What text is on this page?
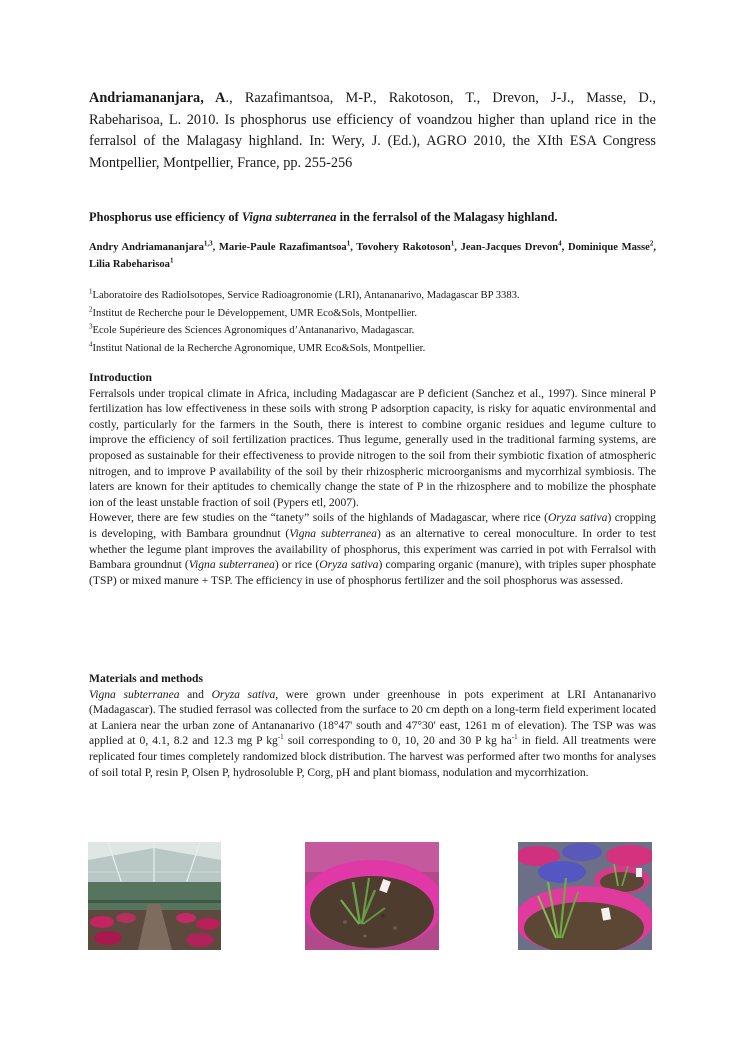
Andriamananjara, A., Razafimantsoa, M-P., Rakotoson, T., Drevon, J-J., Masse, D., Rabeharisoa, L. 2010. Is phosphorus use efficiency of voandzou higher than upland rice in the ferralsol of the Malagasy highland. In: Wery, J. (Ed.), AGRO 2010, the XIth ESA Congress Montpellier, Montpellier, France, pp. 255-256
Phosphorus use efficiency of Vigna subterranea in the ferralsol of the Malagasy highland.
Andry Andriamananjara$^{1,3}$, Marie-Paule Razafimantsoa$^1$, Tovohery Rakotoson$^1$, Jean-Jacques Drevon$^4$, Dominique Masse$^2$, Lilia Rabeharisoa$^1$
$^1$Laboratoire des RadioIsotopes, Service Radioagronomie (LRI), Antananarivo, Madagascar BP 3383.
$^2$Institut de Recherche pour le Développement, UMR Eco&Sols, Montpellier.
$^3$Ecole Supérieure des Sciences Agronomiques d’Antananarivo, Madagascar.
$^4$Institut National de la Recherche Agronomique, UMR Eco&Sols, Montpellier.
Introduction

Ferralsols under tropical climate in Africa, including Madagascar are P deficient (Sanchez et al., 1997). Since mineral P fertilization has low effectiveness in these soils with strong P adsorption capacity, is risky for aquatic environmental and costly, particularly for the farmers in the South, there is interest to combine organic residues and legume culture to improve the efficiency of soil fertilization practices. Thus legume, generally used in the traditional farming systems, are proposed as sustainable for their effectiveness to provide nitrogen to the soil from their symbiotic fixation of atmospheric nitrogen, and to improve P availability of the soil by their rhizospheric microorganisms and mycorrhizal symbiosis. The laters are known for their aptitudes to chemically change the state of P in the rhizosphere and to mobilize the phosphate ion of the least unstable fraction of soil (Pypers etl, 2007).

However, there are few studies on the “tanety” soils of the highlands of Madagascar, where rice (Oryza sativa) cropping is developing, with Bambara groundnut (Vigna subterranea) as an alternative to cereal monoculture. In order to test whether the legume plant improves the availability of phosphorus, this experiment was carried in pot with Ferralsol with Bambara groundnut (Vigna subterranea) or rice (Oryza sativa) comparing organic (manure), with triples super phosphate (TSP) or mixed manure + TSP. The efficiency in use of phosphorus fertilizer and the soil phosphorus was assessed.

Materials and methods

Vigna subterranea and Oryza sativa, were grown under greenhouse in pots experiment at LRI Antananarivo (Madagascar). The studied ferrasol was collected from the surface to 20 cm depth on a long-term field experiment located at Laniera near the urban zone of Antananarivo (18°47' south and 47°30' east, 1261 m of elevation). The TSP was was applied at 0, 4.1, 8.2 and 12.3 mg P $kg^{-1}$ soil corresponding to 0, 10, 20 and 30 P kg $ha^{-1}$ in field. All treatments were replicated four times completely randomized block distribution. The harvest was performed after two months for analyses of soil total P, resin P, Olsen P, hydrosoluble P, Corg, pH and plant biomass, nodulation and mycorrhization.
